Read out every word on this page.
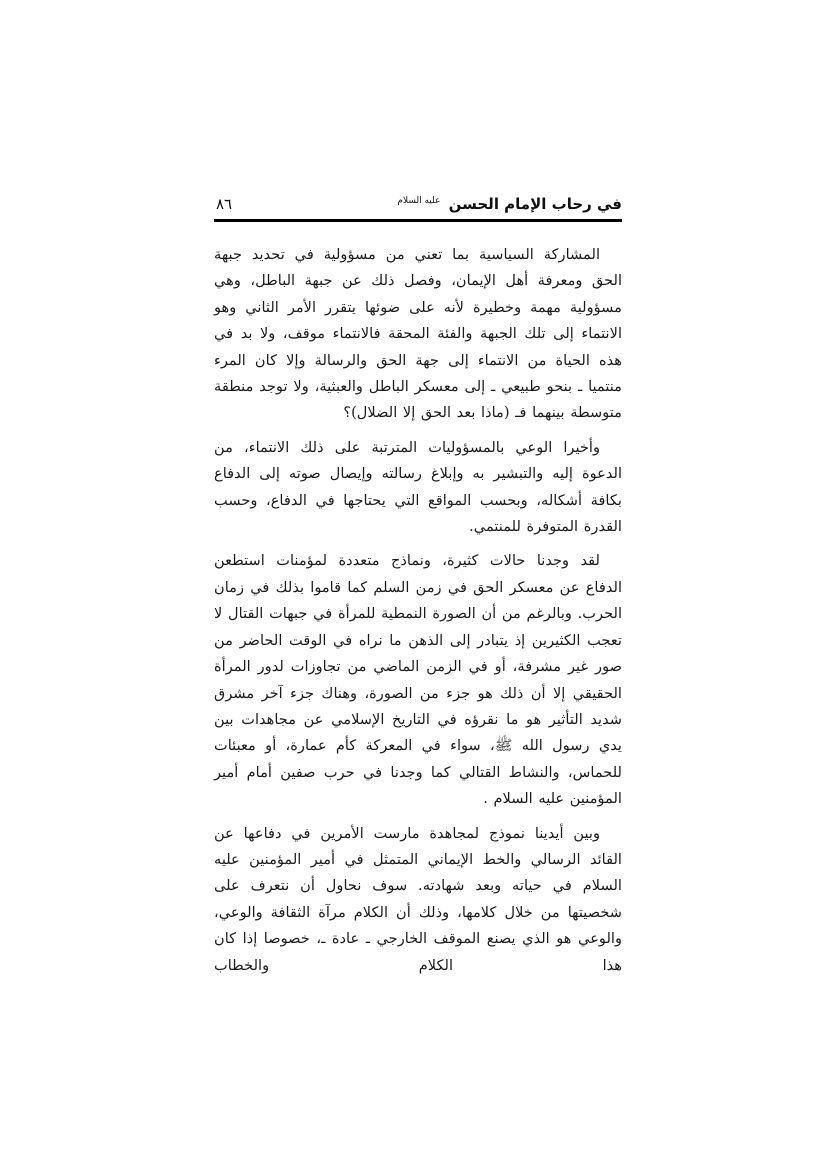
في رحاب الإمام الحسن $^{عليه السلام}$
٨٦

المشاركة السياسية بما تعني من مسؤولية في تحديد جبهة الحق ومعرفة أهل الإيمان، وفصل ذلك عن جبهة الباطل، وهي مسؤولية مهمة وخطيرة لأنه على ضوئها يتقرر الأمر الثاني وهو الانتماء إلى تلك الجبهة والفئة المحقة فالانتماء موقف، ولا بد في هذه الحياة من الانتماء إلى جهة الحق والرسالة وإلا كان المرء منتميا ـ بنحو طبيعي ـ إلى معسكر الباطل والعبثية، ولا توجد منطقة متوسطة بينهما فـ (ماذا بعد الحق إلا الضلال)؟

وأخيرا الوعي بالمسؤوليات المترتبة على ذلك الانتماء، من الدعوة إليه والتبشير به وإبلاغ رسالته وإيصال صوته إلى الدفاع بكافة أشكاله، وبحسب المواقع التي يحتاجها في الدفاع، وحسب القدرة المتوفرة للمنتمي.

لقد وجدنا حالات كثيرة، ونماذج متعددة لمؤمنات استطعن الدفاع عن معسكر الحق في زمن السلم كما قاموا بذلك في زمان الحرب. وبالرغم من أن الصورة النمطية للمرأة في جبهات القتال لا تعجب الكثيرين إذ يتبادر إلى الذهن ما نراه في الوقت الحاضر من صور غير مشرفة، أو في الزمن الماضي من تجاوزات لدور المرأة الحقيقي إلا أن ذلك هو جزء من الصورة، وهناك جزء آخر مشرق شديد التأثير هو ما نقرؤه في التاريخ الإسلامي عن مجاهدات بين يدي رسول الله ﷺ، سواء في المعركة كأم عمارة، أو معبئات للحماس، والنشاط القتالي كما وجدنا في حرب صفين أمام أمير المؤمنين عليه السلام .

وبين أيدينا نموذج لمجاهدة مارست الأمرين في دفاعها عن القائد الرسالي والخط الإيماني المتمثل في أمير المؤمنين عليه السلام في حياته وبعد شهادته. سوف نحاول أن نتعرف على شخصيتها من خلال كلامها، وذلك أن الكلام مرآة الثقافة والوعي، والوعي هو الذي يصنع الموقف الخارجي ـ عادة ـ، خصوصا إذا كان هذا الكلام والخطاب
